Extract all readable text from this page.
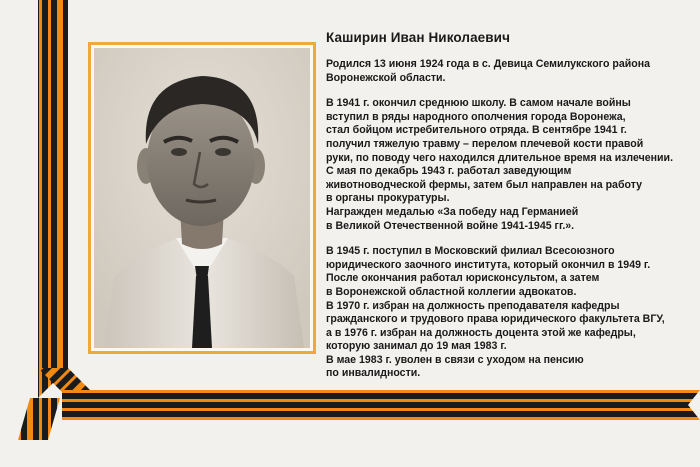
Каширин Иван Николаевич

Родился 13 июня 1924 года в с. Девица Семилукского района
Воронежской области.

В 1941 г. окончил среднюю школу. В самом начале войны
вступил в ряды народного ополчения города Воронежа,
стал бойцом истребительного отряда. В сентябре 1941 г.
получил тяжелую травму – перелом плечевой кости правой
руки, по поводу чего находился длительное время на излечении.
С мая по декабрь 1943 г. работал заведующим
животноводческой фермы, затем был направлен на работу
в органы прокуратуры.
Награжден медалью «За победу над Германией
в Великой Отечественной войне 1941-1945 гг.».

В 1945 г. поступил в Московский филиал Всесоюзного
юридического заочного института, который окончил в 1949 г.
После окончания работал юрисконсультом, а затем
в Воронежской областной коллегии адвокатов.
В 1970 г. избран на должность преподавателя кафедры
гражданского и трудового права юридического факультета ВГУ,
а в 1976 г. избран на должность доцента этой же кафедры,
которую занимал до 19 мая 1983 г.
В мае 1983 г. уволен в связи с уходом на пенсию
по инвалидности.
